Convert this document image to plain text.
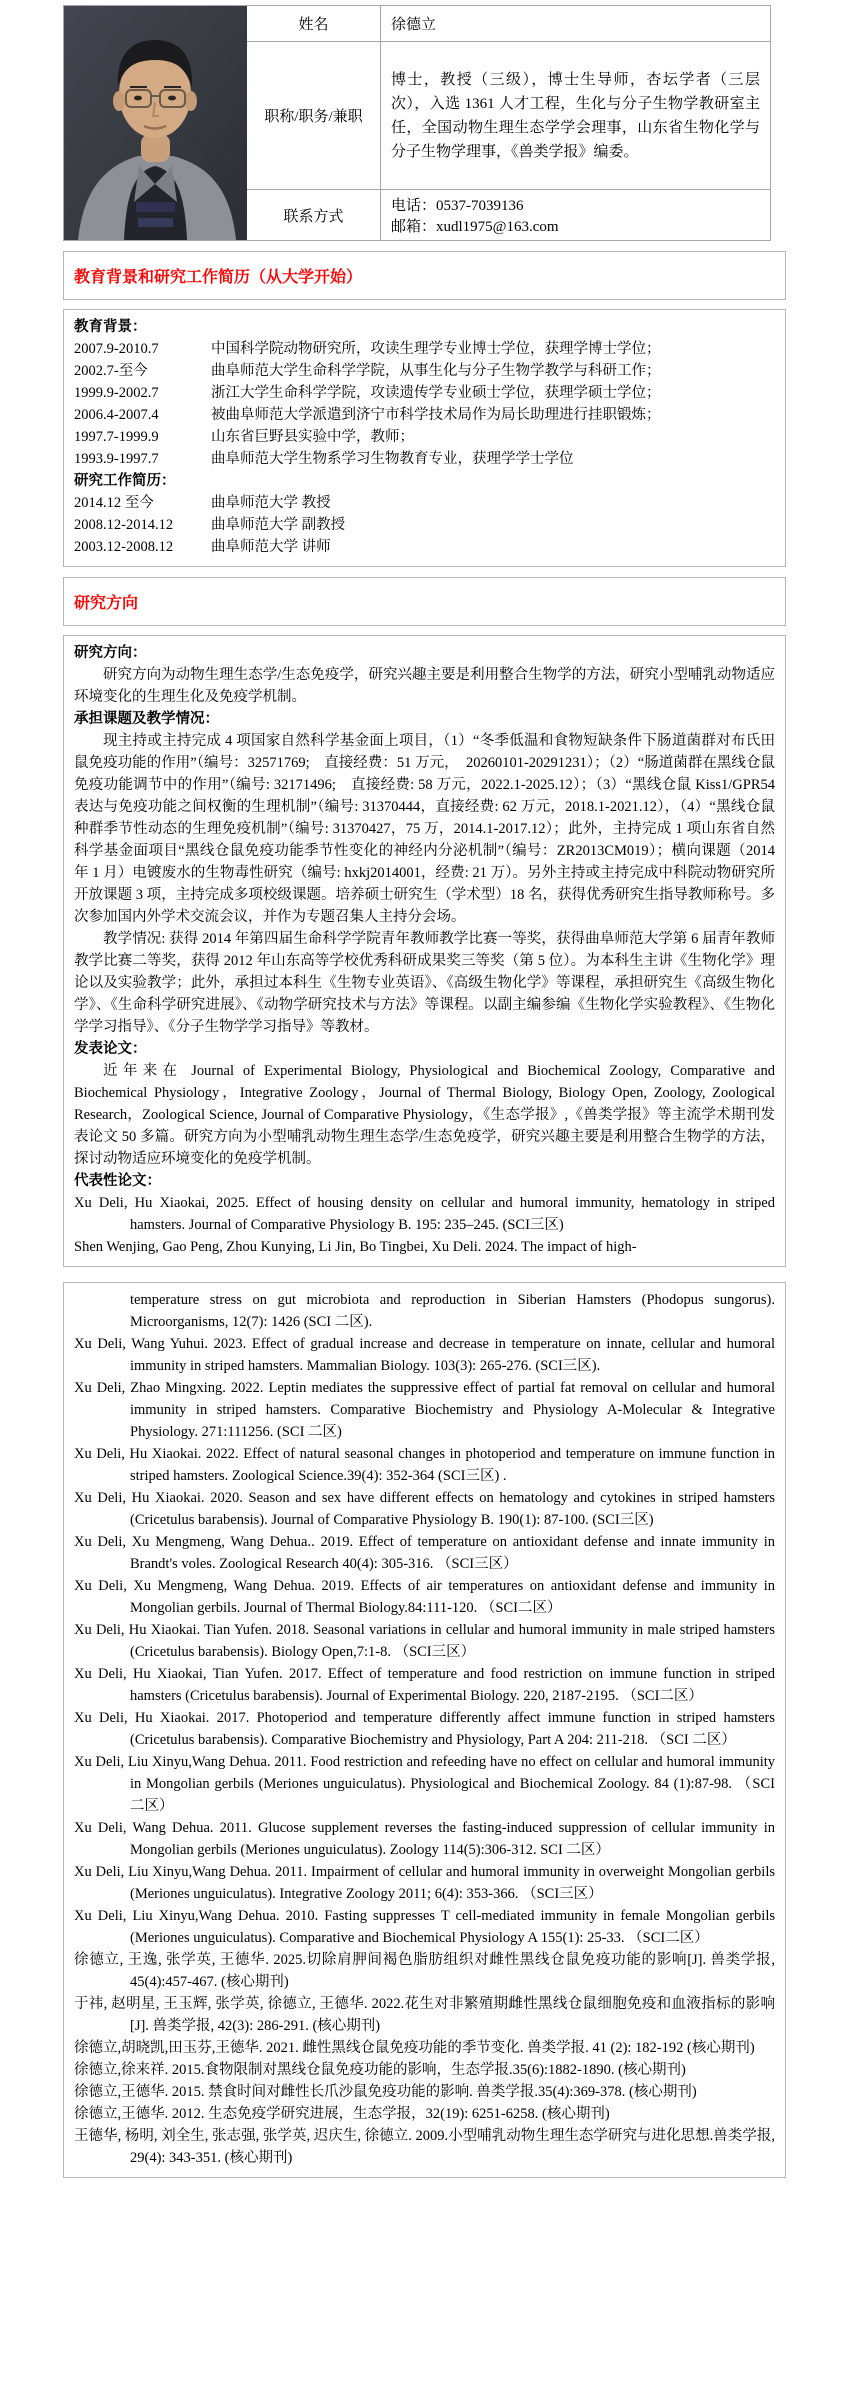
	姓名	徐德立
	职称/职务/兼职	博士，教授（三级），博士生导师，杏坛学者（三层次），入选 1361 人才工程，生化与分子生物学教研室主任，全国动物生理生态学学会理事，山东省生物化学与分子生物学理事，《兽类学报》编委。
	联系方式	电话：0537-7039136
邮箱：xudl1975@163.com
教育背景和研究工作简历（从大学开始）
教育背景：
2007.9-2010.7	中国科学院动物研究所，攻读生理学专业博士学位，获理学博士学位；
2002.7-至今	曲阜师范大学生命科学学院，从事生化与分子生物学教学与科研工作；
1999.9-2002.7	浙江大学生命科学学院，攻读遗传学专业硕士学位，获理学硕士学位；
2006.4-2007.4	被曲阜师范大学派遣到济宁市科学技术局作为局长助理进行挂职锻炼；
1997.7-1999.9	山东省巨野县实验中学，教师；
1993.9-1997.7	曲阜师范大学生物系学习生物教育专业，获理学学士学位
研究工作简历：
2014.12 至今	曲阜师范大学 教授
2008.12-2014.12	曲阜师范大学 副教授
2003.12-2008.12	曲阜师范大学 讲师
研究方向
研究方向：
研究方向为动物生理生态学/生态免疫学，研究兴趣主要是利用整合生物学的方法，研究小型哺乳动物适应环境变化的生理生化及免疫学机制。
承担课题及教学情况：
现主持或主持完成 4 项国家自然科学基金面上项目，（1）“冬季低温和食物短缺条件下肠道菌群对布氏田鼠免疫功能的作用”（编号：32571769;　直接经费：51 万元，　20260101-20291231）；（2）“肠道菌群在黑线仓鼠免疫功能调节中的作用”（编号: 32171496;　直接经费: 58 万元，2022.1-2025.12）；（3）“黑线仓鼠 Kiss1/GPR54 表达与免疫功能之间权衡的生理机制”（编号: 31370444，直接经费: 62 万元，2018.1-2021.12），（4）“黑线仓鼠种群季节性动态的生理免疫机制”（编号: 31370427，75 万，2014.1-2017.12）；此外，主持完成 1 项山东省自然科学基金面项目“黑线仓鼠免疫功能季节性变化的神经内分泌机制”（编号：ZR2013CM019）；横向课题（2014 年 1 月）电镀废水的生物毒性研究（编号: hxkj2014001，经费: 21 万）。另外主持或主持完成中科院动物研究所开放课题 3 项，主持完成多项校级课题。培养硕士研究生（学术型）18 名，获得优秀研究生指导教师称号。多次参加国内外学术交流会议，并作为专题召集人主持分会场。
教学情况: 获得 2014 年第四届生命科学学院青年教师教学比赛一等奖，获得曲阜师范大学第 6 届青年教师教学比赛二等奖，获得 2012 年山东高等学校优秀科研成果奖三等奖（第 5 位）。为本科生主讲《生物化学》理论以及实验教学；此外，承担过本科生《生物专业英语》、《高级生物化学》等课程，承担研究生《高级生物化学》、《生命科学研究进展》、《动物学研究技术与方法》等课程。以副主编参编《生物化学实验教程》、《生物化学学习指导》、《分子生物学学习指导》等教材。
发表论文：
近年来在 Journal of Experimental Biology, Physiological and Biochemical Zoology, Comparative and Biochemical Physiology，Integrative Zoology，Journal of Thermal Biology, Biology Open, Zoology, Zoological Research，Zoological Science, Journal of Comparative Physiology，《生态学报》,《兽类学报》等主流学术期刊发表论文 50 多篇。研究方向为小型哺乳动物生理生态学/生态免疫学，研究兴趣主要是利用整合生物学的方法，探讨动物适应环境变化的免疫学机制。
代表性论文：
Xu Deli, Hu Xiaokai, 2025. Effect of housing density on cellular and humoral immunity, hematology in striped hamsters. Journal of Comparative Physiology B. 195: 235–245. (SCI三区)
Shen Wenjing, Gao Peng, Zhou Kunying, Li Jin, Bo Tingbei, Xu Deli. 2024. The impact of high-
temperature stress on gut microbiota and reproduction in Siberian Hamsters (Phodopus sungorus). Microorganisms, 12(7): 1426 (SCI 二区).
Xu Deli, Wang Yuhui. 2023. Effect of gradual increase and decrease in temperature on innate, cellular and humoral immunity in striped hamsters. Mammalian Biology. 103(3): 265-276. (SCI三区).
Xu Deli, Zhao Mingxing. 2022. Leptin mediates the suppressive effect of partial fat removal on cellular and humoral immunity in striped hamsters. Comparative Biochemistry and Physiology A-Molecular & Integrative Physiology. 271:111256. (SCI 二区)
Xu Deli, Hu Xiaokai. 2022. Effect of natural seasonal changes in photoperiod and temperature on immune function in striped hamsters. Zoological Science.39(4): 352-364 (SCI三区) .
Xu Deli, Hu Xiaokai. 2020. Season and sex have different effects on hematology and cytokines in striped hamsters (Cricetulus barabensis). Journal of Comparative Physiology B. 190(1): 87-100. (SCI三区)
Xu Deli, Xu Mengmeng, Wang Dehua.. 2019. Effect of temperature on antioxidant defense and innate immunity in Brandt's voles. Zoological Research 40(4): 305-316. （SCI三区）
Xu Deli, Xu Mengmeng, Wang Dehua. 2019. Effects of air temperatures on antioxidant defense and immunity in Mongolian gerbils. Journal of Thermal Biology.84:111-120. （SCI二区）
Xu Deli, Hu Xiaokai. Tian Yufen. 2018. Seasonal variations in cellular and humoral immunity in male striped hamsters (Cricetulus barabensis). Biology Open,7:1-8. （SCI三区）
Xu Deli, Hu Xiaokai, Tian Yufen. 2017. Effect of temperature and food restriction on immune function in striped hamsters (Cricetulus barabensis). Journal of Experimental Biology. 220, 2187-2195. （SCI二区）
Xu Deli, Hu Xiaokai. 2017. Photoperiod and temperature differently affect immune function in striped hamsters (Cricetulus barabensis). Comparative Biochemistry and Physiology, Part A 204: 211-218. （SCI 二区）
Xu Deli, Liu Xinyu,Wang Dehua. 2011. Food restriction and refeeding have no effect on cellular and humoral immunity in Mongolian gerbils (Meriones unguiculatus). Physiological and Biochemical Zoology. 84 (1):87-98. （SCI二区）
Xu Deli, Wang Dehua. 2011. Glucose supplement reverses the fasting-induced suppression of cellular immunity in Mongolian gerbils (Meriones unguiculatus). Zoology 114(5):306-312. SCI 二区）
Xu Deli, Liu Xinyu,Wang Dehua. 2011. Impairment of cellular and humoral immunity in overweight Mongolian gerbils (Meriones unguiculatus). Integrative Zoology 2011; 6(4): 353-366. （SCI三区）
Xu Deli, Liu Xinyu,Wang Dehua. 2010. Fasting suppresses T cell-mediated immunity in female Mongolian gerbils (Meriones unguiculatus). Comparative and Biochemical Physiology A 155(1): 25-33. （SCI二区）
徐德立, 王逸, 张学英, 王德华. 2025.切除肩胛间褐色脂肪组织对雌性黑线仓鼠免疫功能的影响[J]. 兽类学报, 45(4):457-467. (核心期刊)
于祎, 赵明星, 王玉辉, 张学英, 徐德立, 王德华. 2022.花生对非繁殖期雌性黑线仓鼠细胞免疫和血液指标的影响[J]. 兽类学报, 42(3): 286-291. (核心期刊)
徐德立,胡晓凯,田玉芬,王德华. 2021. 雌性黑线仓鼠免疫功能的季节变化. 兽类学报. 41 (2): 182-192 (核心期刊)
徐德立,徐来祥. 2015.食物限制对黑线仓鼠免疫功能的影响，生态学报.35(6):1882-1890. (核心期刊)
徐德立,王德华. 2015. 禁食时间对雌性长爪沙鼠免疫功能的影响. 兽类学报.35(4):369-378. (核心期刊)
徐德立,王德华. 2012. 生态免疫学研究进展，生态学报，32(19): 6251-6258. (核心期刊)
王德华, 杨明, 刘全生, 张志强, 张学英, 迟庆生, 徐德立. 2009.小型哺乳动物生理生态学研究与进化思想.兽类学报, 29(4): 343-351. (核心期刊)
